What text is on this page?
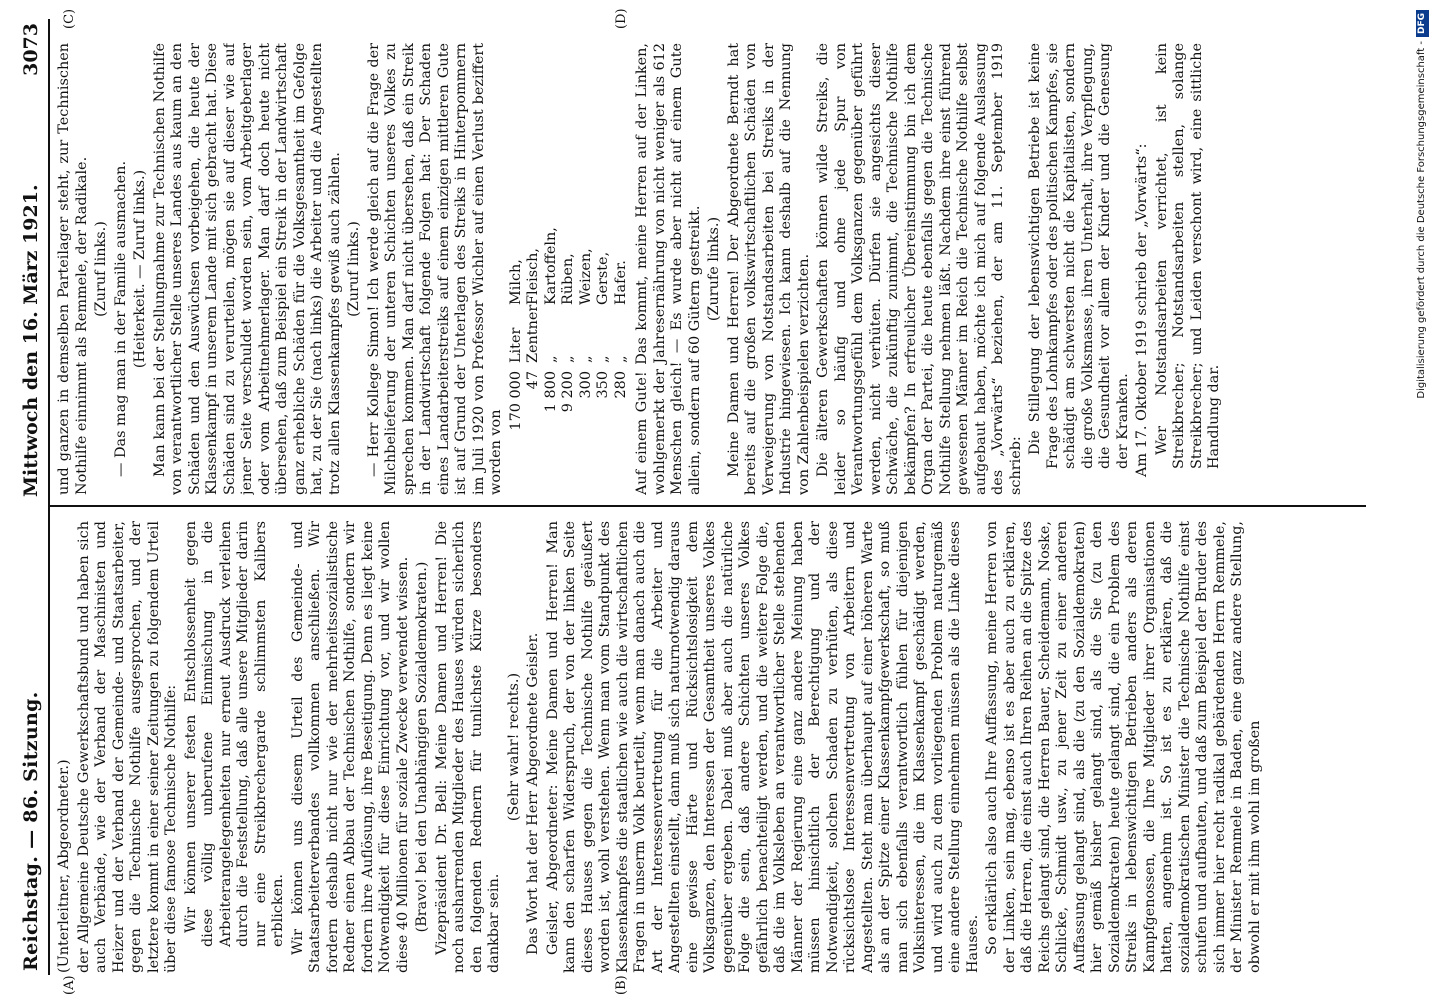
Reichstag. — 86. Sitzung.
Mittwoch den 16. März 1921.
3073
(A)	(B)
(C)	(D)

(Unterleitner, Abgeordneter.) der Allgemeine Deutsche Gewerkschaftsbund und haben sich auch Verbände, wie der Verband der Maschinisten und Heizer und der Verband der Gemeinde- und Staatsarbeiter, gegen die Technische Nothilfe ausgesprochen, und der letztere kommt in einer seiner Zeitungen zu folgendem Urteil über diese famose Technische Nothilfe: Wir können unserer festen Entschlossenheit gegen diese völlig unberufene Einmischung in die Arbeiterangelegenheiten nur erneut Ausdruck verleihen durch die Feststellung, daß alle unsere Mitglieder darin nur eine Streikbrechergarde schlimmsten Kalibers erblicken. Wir können uns diesem Urteil des Gemeinde- und Staatsarbeiterverbandes vollkommen anschließen. Wir fordern deshalb nicht nur wie der mehrheitssozialistische Redner einen Abbau der Technischen Nothilfe, sondern wir fordern ihre Auflösung, ihre Beseitigung. Denn es liegt keine Notwendigkeit für diese Einrichtung vor, und wir wollen diese 40 Millionen für soziale Zwecke verwendet wissen. (Bravo! bei den Unabhängigen Sozialdemokraten.) Vizepräsident Dr. Bell: Meine Damen und Herren! Die noch ausharrenden Mitglieder des Hauses würden sicherlich den folgenden Rednern für tunlichste Kürze besonders dankbar sein.

(Sehr wahr! rechts.) Das Wort hat der Herr Abgeordnete Geisler. Geisler, Abgeordneter: Meine Damen und Herren! Man kann den scharfen Widerspruch, der von der linken Seite dieses Hauses gegen die Technische Nothilfe geäußert worden ist, wohl verstehen. Wenn man vom Standpunkt des Klassenkampfes die staatlichen wie auch die wirtschaftlichen Fragen in unserm Volk beurteilt, wenn man danach auch die Art der Interessenvertretung für die Arbeiter und Angestellten einstellt, dann muß sich naturnotwendig daraus eine gewisse Härte und Rücksichtslosigkeit dem Volksganzen, den Interessen der Gesamtheit unseres Volkes gegenüber ergeben. Dabei muß aber auch die natürliche Folge die sein, daß andere Schichten unseres Volkes gefährlich benachteiligt werden, und die weitere Folge die, daß die im Volksleben an verantwortlicher Stelle stehenden Männer der Regierung eine ganz andere Meinung haben müssen hinsichtlich der Berechtigung und der Notwendigkeit, solchen Schaden zu verhüten, als diese rücksichtslose Interessenvertretung von Arbeitern und Angestellten. Steht man überhaupt auf einer höheren Warte als an der Spitze einer Klassenkampfgewerkschaft, so muß man sich ebenfalls verantwortlich fühlen für diejenigen Volksinteressen, die im Klassenkampf geschädigt werden, und wird auch zu dem vorliegenden Problem naturgemäß eine andere Stellung einnehmen müssen als die Linke dieses Hauses. So erklärlich also auch Ihre Auffassung, meine Herren von der Linken, sein mag, ebenso ist es aber auch zu erklären, daß die Herren, die einst auch Ihren Reihen an die Spitze des Reichs gelangt sind, die Herren Bauer, Scheidemann, Noske, Schlicke, Schmidt usw., zu jener Zeit zu einer anderen Auffassung gelangt sind, als die (zu den Sozialdemokraten) hier gemäß bisher gelangt sind, als die Sie (zu den Sozialdemokraten) heute gelangt sind, die ein Problem des Streiks in lebenswichtigen Betrieben anders als deren Kampfgenossen, die Ihre Mitglieder ihrer Organisationen hatten, angenehm ist. So ist es zu erklären, daß die sozialdemokratischen Minister die Technische Nothilfe einst schufen und aufbauten, und daß zum Beispiel der Bruder des sich immer hier recht radikal gebärdenden Herrn Remmele, der Minister Remmele in Baden, eine ganz andere Stellung, obwohl er mit ihm wohl im großen

und ganzen in demselben Parteilager steht, zur Technischen Nothilfe einnimmt als Remmele, der Radikale. (Zuruf links.) — Das mag man in der Familie ausmachen. (Heiterkeit. — Zuruf links.) Man kann bei der Stellungnahme zur Technischen Nothilfe von verantwortlicher Stelle unseres Landes aus kaum an den Schäden und den Auswüchsen vorbeigehen, die heute der Klassenkampf in unserem Lande mit sich gebracht hat. Diese Schäden sind zu verurteilen, mögen sie auf dieser wie auf jener Seite verschuldet worden sein, vom Arbeitgeberlager oder vom Arbeitnehmerlager. Man darf doch heute nicht übersehen, daß zum Beispiel ein Streik in der Landwirtschaft ganz erhebliche Schäden für die Volksgesamtheit im Gefolge hat, zu der Sie (nach links) die Arbeiter und die Angestellten trotz allen Klassenkampfes gewiß auch zählen. (Zuruf links.) — Herr Kollege Simon! Ich werde gleich auf die Frage der Milchbelieferung der unteren Schichten unseres Volkes zu sprechen kommen. Man darf nicht übersehen, daß ein Streik in der Landwirtschaft folgende Folgen hat: Der Schaden eines Landarbeiterstreiks auf einem einzigen mittleren Gute ist auf Grund der Unterlagen des Streiks in Hinterpommern im Juli 1920 von Professor Wichler auf einen Verlust beziffert worden von

170 000
Liter
Milch,
47
Zentner
Fleisch,
1 800
„
Kartoffeln,
9 200
„
Rüben,
300
„
Weizen,
350
„
Gerste,
280
„
Hafer. Auf einem Gute! Das kommt, meine Herren auf der Linken, wohlgemerkt der Jahresernährung von nicht weniger als 612 Menschen gleich! — Es wurde aber nicht auf einem Gute allein, sondern auf 60 Gütern gestreikt. (Zurufe links.) Meine Damen und Herren! Der Abgeordnete Berndt hat bereits auf die großen volkswirtschaftlichen Schäden von Verweigerung von Notstandsarbeiten bei Streiks in der Industrie hingewiesen. Ich kann deshalb auf die Nennung von Zahlenbeispielen verzichten. Die älteren Gewerkschaften können wilde Streiks, die leider so häufig und ohne jede Spur von Verantwortungsgefühl dem Volksganzen gegenüber geführt werden, nicht verhüten. Dürfen sie angesichts dieser Schwäche, die zukünftig zunimmt, die Technische Nothilfe bekämpfen? In erfreulicher Übereinstimmung bin ich dem Organ der Partei, die heute ebenfalls gegen die Technische Nothilfe Stellung nehmen läßt. Nachdem ihre einst führend gewesenen Männer im Reich die Technische Nothilfe selbst aufgebaut haben, möchte ich mich auf folgende Auslassung des „Vorwärts“ beziehen, der am 11. September 1919 schrieb:

Die Stillegung der lebenswichtigen Betriebe ist keine Frage des Lohnkampfes oder des politischen Kampfes, sie schädigt am schwersten nicht die Kapitalisten, sondern die große Volksmasse, ihren Unterhalt, ihre Verpflegung, die Gesundheit vor allem der Kinder und die Genesung der Kranken. Am 17. Oktober 1919 schrieb der „Vorwärts“: Wer Notstandsarbeiten verrichtet, ist kein Streikbrecher; Notstandsarbeiten stellen, solange Streikbrecher; und Leiden verschont wird, eine sittliche Handlung dar.

Digitalisierung gefördert durch die Deutsche Forschungsgemeinschaft -
DFG
